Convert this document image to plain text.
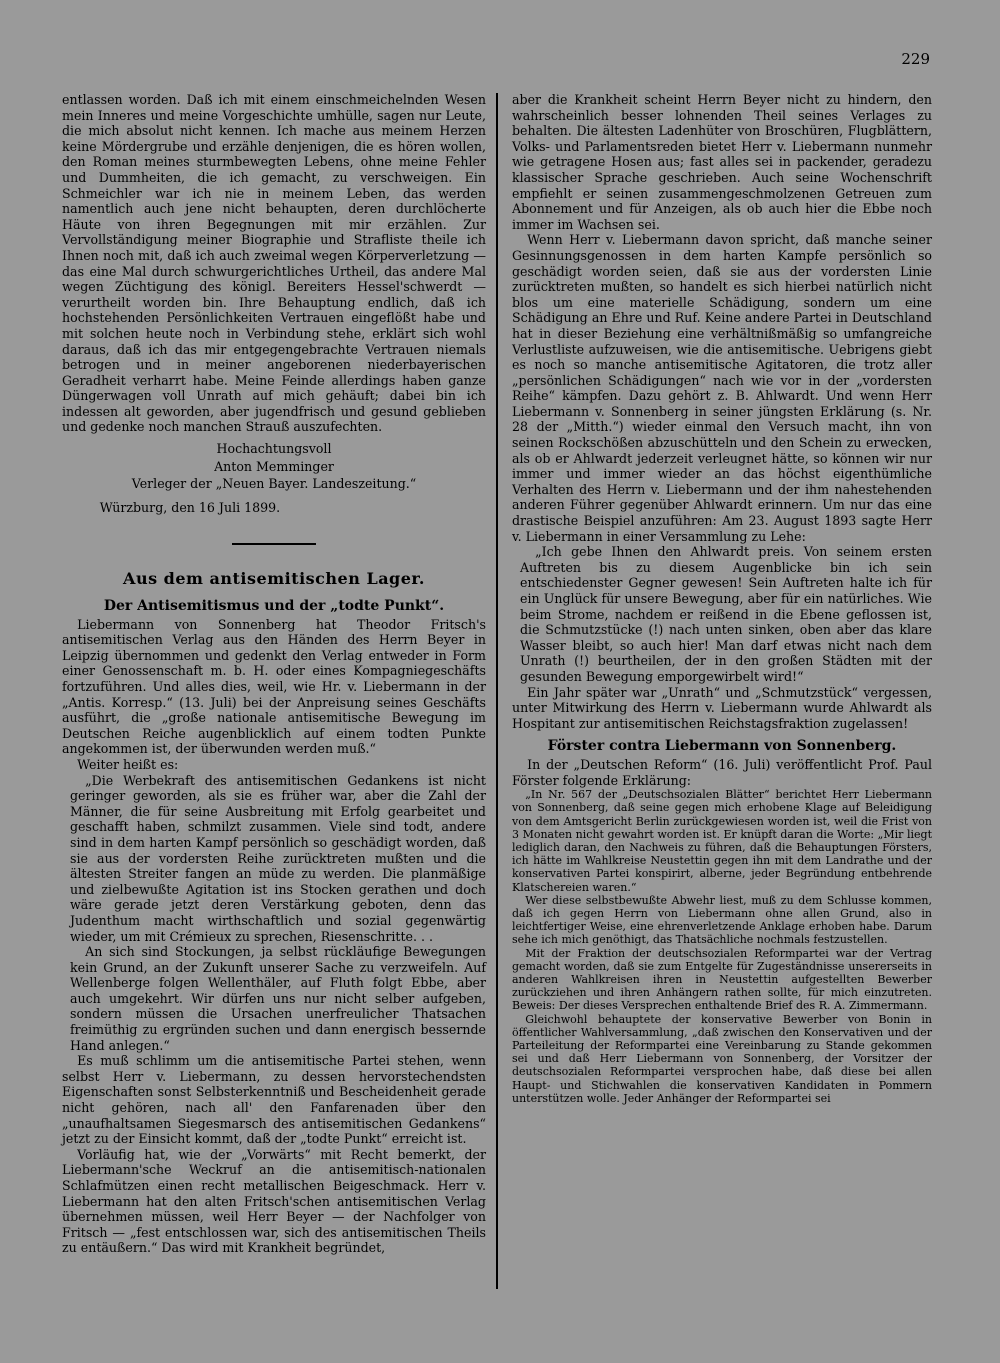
229

entlassen worden. Daß ich mit einem einschmeichelnden Wesen mein Inneres und meine Vorgeschichte umhülle, sagen nur Leute, die mich absolut nicht kennen. Ich mache aus meinem Herzen keine Mördergrube und erzähle denjenigen, die es hören wollen, den Roman meines sturmbewegten Lebens, ohne meine Fehler und Dummheiten, die ich gemacht, zu verschweigen. Ein Schmeichler war ich nie in meinem Leben, das werden namentlich auch jene nicht behaupten, deren durchlöcherte Häute von ihren Begegnungen mit mir erzählen. Zur Vervollständigung meiner Biographie und Strafliste theile ich Ihnen noch mit, daß ich auch zweimal wegen Körperverletzung — das eine Mal durch schwurgerichtliches Urtheil, das andere Mal wegen Züchtigung des königl. Bereiters Hessel'schwerdt — verurtheilt worden bin. Ihre Behauptung endlich, daß ich hochstehenden Persönlichkeiten Vertrauen eingeflößt habe und mit solchen heute noch in Verbindung stehe, erklärt sich wohl daraus, daß ich das mir entgegengebrachte Vertrauen niemals betrogen und in meiner angeborenen niederbayerischen Geradheit verharrt habe. Meine Feinde allerdings haben ganze Düngerwagen voll Unrath auf mich gehäuft; dabei bin ich indessen alt geworden, aber jugendfrisch und gesund geblieben und gedenke noch manchen Strauß auszufechten.

Hochachtungsvoll
Anton Memminger
Verleger der „Neuen Bayer. Landeszeitung.“

Würzburg, den 16 Juli 1899.

Aus dem antisemitischen Lager.
Der Antisemitismus und der „todte Punkt“.

Liebermann von Sonnenberg hat Theodor Fritsch's antisemitischen Verlag aus den Händen des Herrn Beyer in Leipzig übernommen und gedenkt den Verlag entweder in Form einer Genossenschaft m. b. H. oder eines Kompagniegeschäfts fortzuführen. Und alles dies, weil, wie Hr. v. Liebermann in der „Antis. Korresp.“ (13. Juli) bei der Anpreisung seines Geschäfts ausführt, die „große nationale antisemitische Bewegung im Deutschen Reiche augenblicklich auf einem todten Punkte angekommen ist, der überwunden werden muß.“

Weiter heißt es:

„Die Werbekraft des antisemitischen Gedankens ist nicht geringer geworden, als sie es früher war, aber die Zahl der Männer, die für seine Ausbreitung mit Erfolg gearbeitet und geschafft haben, schmilzt zusammen. Viele sind todt, andere sind in dem harten Kampf persönlich so geschädigt worden, daß sie aus der vordersten Reihe zurücktreten mußten und die ältesten Streiter fangen an müde zu werden. Die planmäßige und zielbewußte Agitation ist ins Stocken gerathen und doch wäre gerade jetzt deren Verstärkung geboten, denn das Judenthum macht wirthschaftlich und sozial gegenwärtig wieder, um mit Crémieux zu sprechen, Riesenschritte. . .

An sich sind Stockungen, ja selbst rückläufige Bewegungen kein Grund, an der Zukunft unserer Sache zu verzweifeln. Auf Wellenberge folgen Wellenthäler, auf Fluth folgt Ebbe, aber auch umgekehrt. Wir dürfen uns nur nicht selber aufgeben, sondern müssen die Ursachen unerfreulicher Thatsachen freimüthig zu ergründen suchen und dann energisch bessernde Hand anlegen.“

Es muß schlimm um die antisemitische Partei stehen, wenn selbst Herr v. Liebermann, zu dessen hervorstechendsten Eigenschaften sonst Selbsterkenntniß und Bescheidenheit gerade nicht gehören, nach all' den Fanfarenaden über den „unaufhaltsamen Siegesmarsch des antisemitischen Gedankens“ jetzt zu der Einsicht kommt, daß der „todte Punkt“ erreicht ist.

Vorläufig hat, wie der „Vorwärts“ mit Recht bemerkt, der Liebermann'sche Weckruf an die antisemitisch-nationalen Schlafmützen einen recht metallischen Beigeschmack. Herr v. Liebermann hat den alten Fritsch'schen antisemitischen Verlag übernehmen müssen, weil Herr Beyer — der Nachfolger von Fritsch — „fest entschlossen war, sich des antisemitischen Theils zu entäußern.“ Das wird mit Krankheit begründet,

aber die Krankheit scheint Herrn Beyer nicht zu hindern, den wahrscheinlich besser lohnenden Theil seines Verlages zu behalten. Die ältesten Ladenhüter von Broschüren, Flugblättern, Volks- und Parlamentsreden bietet Herr v. Liebermann nunmehr wie getragene Hosen aus; fast alles sei in packender, geradezu klassischer Sprache geschrieben. Auch seine Wochenschrift empfiehlt er seinen zusammengeschmolzenen Getreuen zum Abonnement und für Anzeigen, als ob auch hier die Ebbe noch immer im Wachsen sei.

Wenn Herr v. Liebermann davon spricht, daß manche seiner Gesinnungsgenossen in dem harten Kampfe persönlich so geschädigt worden seien, daß sie aus der vordersten Linie zurücktreten mußten, so handelt es sich hierbei natürlich nicht blos um eine materielle Schädigung, sondern um eine Schädigung an Ehre und Ruf. Keine andere Partei in Deutschland hat in dieser Beziehung eine verhältnißmäßig so umfangreiche Verlustliste aufzuweisen, wie die antisemitische. Uebrigens giebt es noch so manche antisemitische Agitatoren, die trotz aller „persönlichen Schädigungen“ nach wie vor in der „vordersten Reihe“ kämpfen. Dazu gehört z. B. Ahlwardt. Und wenn Herr Liebermann v. Sonnenberg in seiner jüngsten Erklärung (s. Nr. 28 der „Mitth.“) wieder einmal den Versuch macht, ihn von seinen Rockschößen abzuschütteln und den Schein zu erwecken, als ob er Ahlwardt jederzeit verleugnet hätte, so können wir nur immer und immer wieder an das höchst eigenthümliche Verhalten des Herrn v. Liebermann und der ihm nahestehenden anderen Führer gegenüber Ahlwardt erinnern. Um nur das eine drastische Beispiel anzuführen: Am 23. August 1893 sagte Herr v. Liebermann in einer Versammlung zu Lehe:

„Ich gebe Ihnen den Ahlwardt preis. Von seinem ersten Auftreten bis zu diesem Augenblicke bin ich sein entschiedenster Gegner gewesen! Sein Auftreten halte ich für ein Unglück für unsere Bewegung, aber für ein natürliches. Wie beim Strome, nachdem er reißend in die Ebene geflossen ist, die Schmutzstücke (!) nach unten sinken, oben aber das klare Wasser bleibt, so auch hier! Man darf etwas nicht nach dem Unrath (!) beurtheilen, der in den großen Städten mit der gesunden Bewegung emporgewirbelt wird!“

Ein Jahr später war „Unrath“ und „Schmutzstück“ vergessen, unter Mitwirkung des Herrn v. Liebermann wurde Ahlwardt als Hospitant zur antisemitischen Reichstagsfraktion zugelassen!

Förster contra Liebermann von Sonnenberg.

In der „Deutschen Reform“ (16. Juli) veröffentlicht Prof. Paul Förster folgende Erklärung:

„In Nr. 567 der „Deutschsozialen Blätter“ berichtet Herr Liebermann von Sonnenberg, daß seine gegen mich erhobene Klage auf Beleidigung von dem Amtsgericht Berlin zurückgewiesen worden ist, weil die Frist von 3 Monaten nicht gewahrt worden ist. Er knüpft daran die Worte: „Mir liegt lediglich daran, den Nachweis zu führen, daß die Behauptungen Försters, ich hätte im Wahlkreise Neustettin gegen ihn mit dem Landrathe und der konservativen Partei konspirirt, alberne, jeder Begründung entbehrende Klatschereien waren.“

Wer diese selbstbewußte Abwehr liest, muß zu dem Schlusse kommen, daß ich gegen Herrn von Liebermann ohne allen Grund, also in leichtfertiger Weise, eine ehrenverletzende Anklage erhoben habe. Darum sehe ich mich genöthigt, das Thatsächliche nochmals festzustellen.

Mit der Fraktion der deutschsozialen Reformpartei war der Vertrag gemacht worden, daß sie zum Entgelte für Zugeständnisse unsererseits in anderen Wahlkreisen ihren in Neustettin aufgestellten Bewerber zurückziehen und ihren Anhängern rathen sollte, für mich einzutreten. Beweis: Der dieses Versprechen enthaltende Brief des R. A. Zimmermann.

Gleichwohl behauptete der konservative Bewerber von Bonin in öffentlicher Wahlversammlung, „daß zwischen den Konservativen und der Parteileitung der Reformpartei eine Vereinbarung zu Stande gekommen sei und daß Herr Liebermann von Sonnenberg, der Vorsitzer der deutschsozialen Reformpartei versprochen habe, daß diese bei allen Haupt- und Stichwahlen die konservativen Kandidaten in Pommern unterstützen wolle. Jeder Anhänger der Reformpartei sei
